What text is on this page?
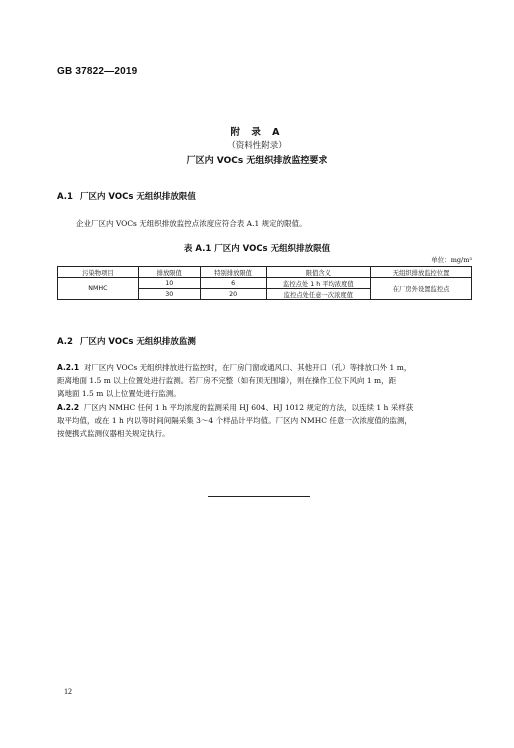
GB 37822—2019
附 录 A
（资料性附录）
厂区内 VOCs 无组织排放监控要求
A.1 厂区内 VOCs 无组织排放限值
企业厂区内 VOCs 无组织排放监控点浓度应符合表 A.1 规定的限值。
表 A.1 厂区内 VOCs 无组织排放限值
单位：mg/m³
污染物项目	排放限值	特别排放限值	限值含义	无组织排放监控位置
NMHC	10	6	监控点处 1 h 平均浓度值	在厂房外设置监控点
	30	20	监控点处任意一次浓度值	
A.2 厂区内 VOCs 无组织排放监测
A.2.1 对厂区内 VOCs 无组织排放进行监控时，在厂房门窗或通风口、其他开口（孔）等排放口外 1 m，
距离地面 1.5 m 以上位置处进行监测。若厂房不完整（如有顶无围墙），则在操作工位下风向 1 m，距
离地面 1.5 m 以上位置处进行监测。
A.2.2 厂区内 NMHC 任何 1 h 平均浓度的监测采用 HJ 604、HJ 1012 规定的方法，以连续 1 h 采样获
取平均值，或在 1 h 内以等时间间隔采集 3～4 个样品计平均值。厂区内 NMHC 任意一次浓度值的监测，
按便携式监测仪器相关规定执行。
12
